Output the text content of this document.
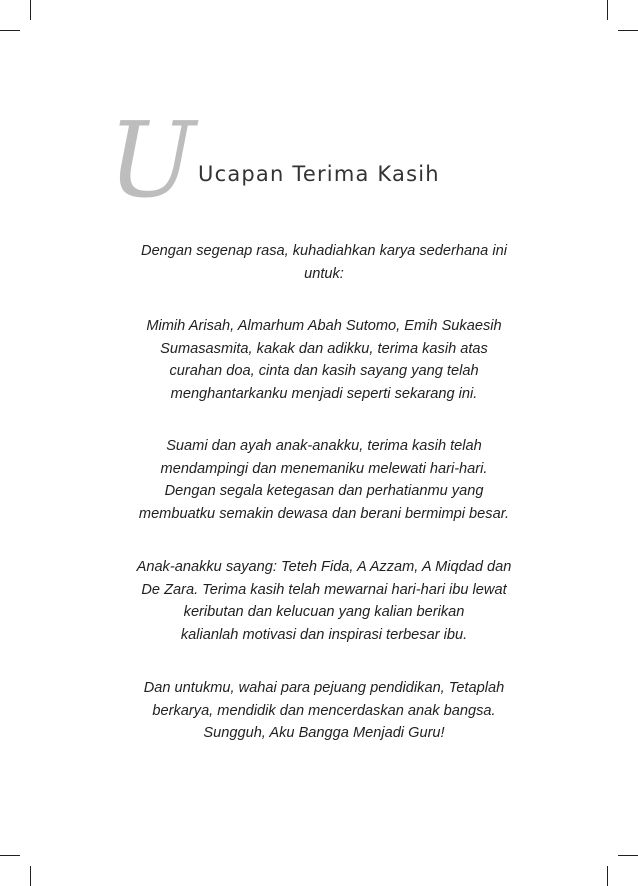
U Ucapan Terima Kasih

Dengan segenap rasa, kuhadiahkan karya sederhana ini
untuk:

Mimih Arisah, Almarhum Abah Sutomo, Emih Sukaesih
Sumasasmita, kakak dan adikku, terima kasih atas
curahan doa, cinta dan kasih sayang yang telah
menghantarkanku menjadi seperti sekarang ini.

Suami dan ayah anak-anakku, terima kasih telah
mendampingi dan menemaniku melewati hari-hari.
Dengan segala ketegasan dan perhatianmu yang
membuatku semakin dewasa dan berani bermimpi besar.

Anak-anakku sayang: Teteh Fida, A Azzam, A Miqdad dan
De Zara. Terima kasih telah mewarnai hari-hari ibu lewat
keributan dan kelucuan yang kalian berikan
kalianlah motivasi dan inspirasi terbesar ibu.

Dan untukmu, wahai para pejuang pendidikan, Tetaplah
berkarya, mendidik dan mencerdaskan anak bangsa.
Sungguh, Aku Bangga Menjadi Guru!
